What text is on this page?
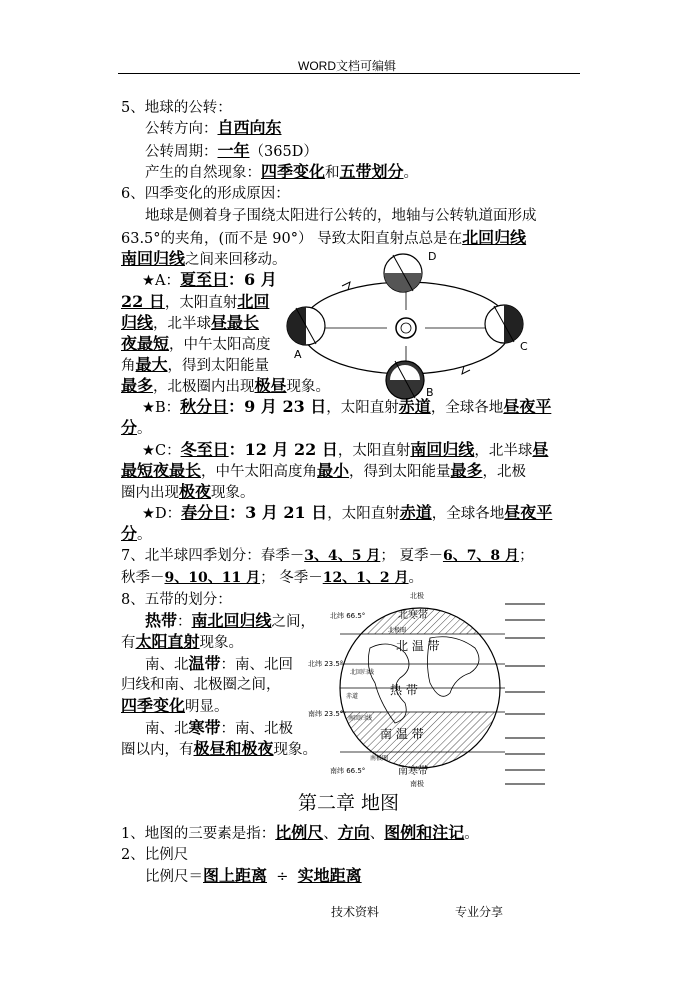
WORD文档可编辑
5、地球的公转：
公转方向：自西向东
公转周期：一年（365D）
产生的自然现象：四季变化和五带划分。
6、四季变化的形成原因：
地球是侧着身子围绕太阳进行公转的，地轴与公转轨道面形成
63.5°的夹角，(而不是 90°） 导致太阳直射点总是在北回归线
南回归线之间来回移动。
★A：夏至日：6 月
22 日，太阳直射北回
归线，北半球昼最长
夜最短，中午太阳高度
角最大，得到太阳能量
最多，北极圈内出现极昼现象。
A
B
C
D
★B：秋分日：9 月 23 日，太阳直射赤道，全球各地昼夜平
分。
★C：冬至日：12 月 22 日，太阳直射南回归线，北半球昼
最短夜最长，中午太阳高度角最小，得到太阳能量最多，北极
圈内出现极夜现象。
★D：春分日：3 月 21 日，太阳直射赤道，全球各地昼夜平
分。
7、北半球四季划分：春季－3、4、5 月； 夏季－6、7、8 月；
秋季－9、10、11 月； 冬季－12、1、2 月。
8、五带的划分：
热带：南北回归线之间，
有太阳直射现象。
南、北温带：南、北回
归线和南、北极圈之间，
四季变化明显。
南、北寒带：南、北极
圈以内，有极昼和极夜现象。
北极
南极
北纬 66.5°
北纬 23.5°
南纬 23.5°
南纬 66.5°
北极圈
北回归线
赤道
南回归线
南极圈
北寒带
北 温 带
热 带
南 温 带
南寒带
第二章 地图
1、地图的三要素是指：比例尺、方向、图例和注记。
2、比例尺
比例尺＝图上距离  ÷  实地距离
技术资料	专业分享
